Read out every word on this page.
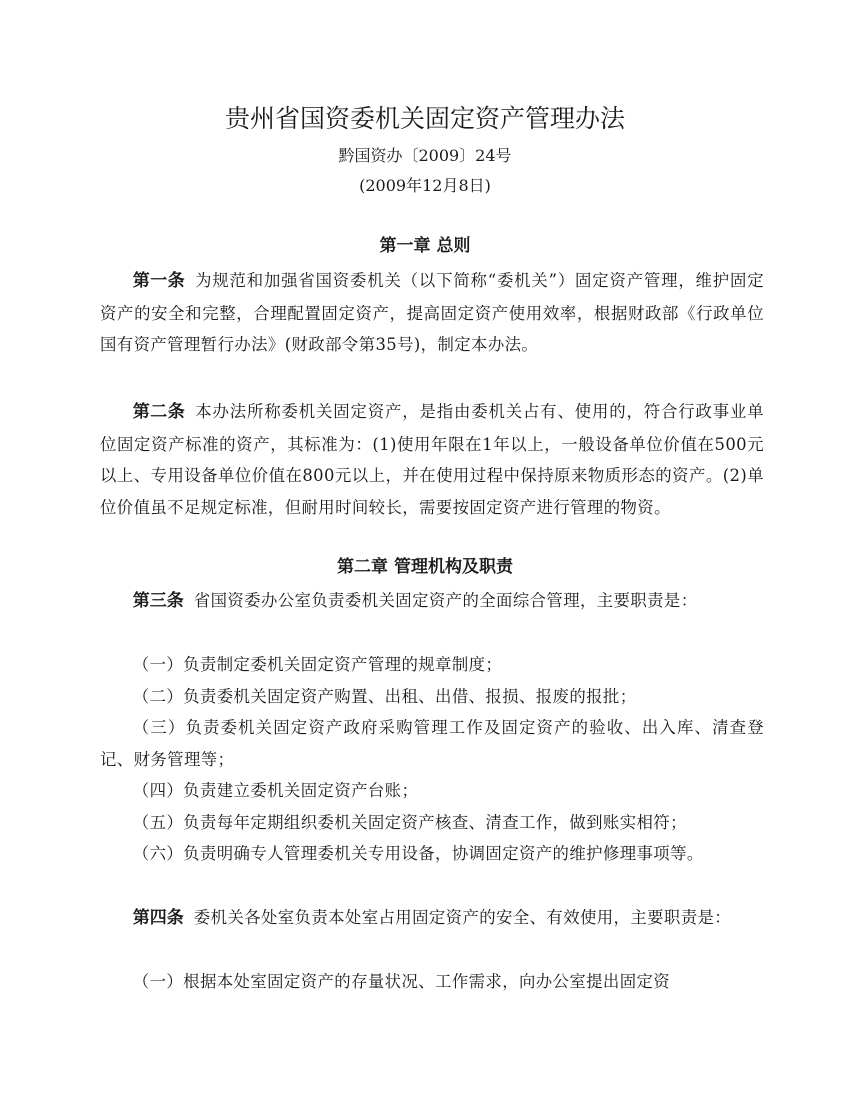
贵州省国资委机关固定资产管理办法
黔国资办〔2009〕24号
(2009年12月8日)
第一章 总则

第一条 为规范和加强省国资委机关（以下简称“委机关”）固定资产管理，维护固定资产的安全和完整，合理配置固定资产，提高固定资产使用效率，根据财政部《行政单位国有资产管理暂行办法》(财政部令第35号)，制定本办法。

第二条 本办法所称委机关固定资产，是指由委机关占有、使用的，符合行政事业单位固定资产标准的资产，其标准为：(1)使用年限在1年以上，一般设备单位价值在500元以上、专用设备单位价值在800元以上，并在使用过程中保持原来物质形态的资产。(2)单位价值虽不足规定标准，但耐用时间较长，需要按固定资产进行管理的物资。

第二章 管理机构及职责

第三条 省国资委办公室负责委机关固定资产的全面综合管理，主要职责是：

（一）负责制定委机关固定资产管理的规章制度；

（二）负责委机关固定资产购置、出租、出借、报损、报废的报批；

（三）负责委机关固定资产政府采购管理工作及固定资产的验收、出入库、清查登记、财务管理等；

（四）负责建立委机关固定资产台账；

（五）负责每年定期组织委机关固定资产核查、清查工作，做到账实相符；

（六）负责明确专人管理委机关专用设备，协调固定资产的维护修理事项等。

第四条 委机关各处室负责本处室占用固定资产的安全、有效使用，主要职责是：

（一）根据本处室固定资产的存量状况、工作需求，向办公室提出固定资
